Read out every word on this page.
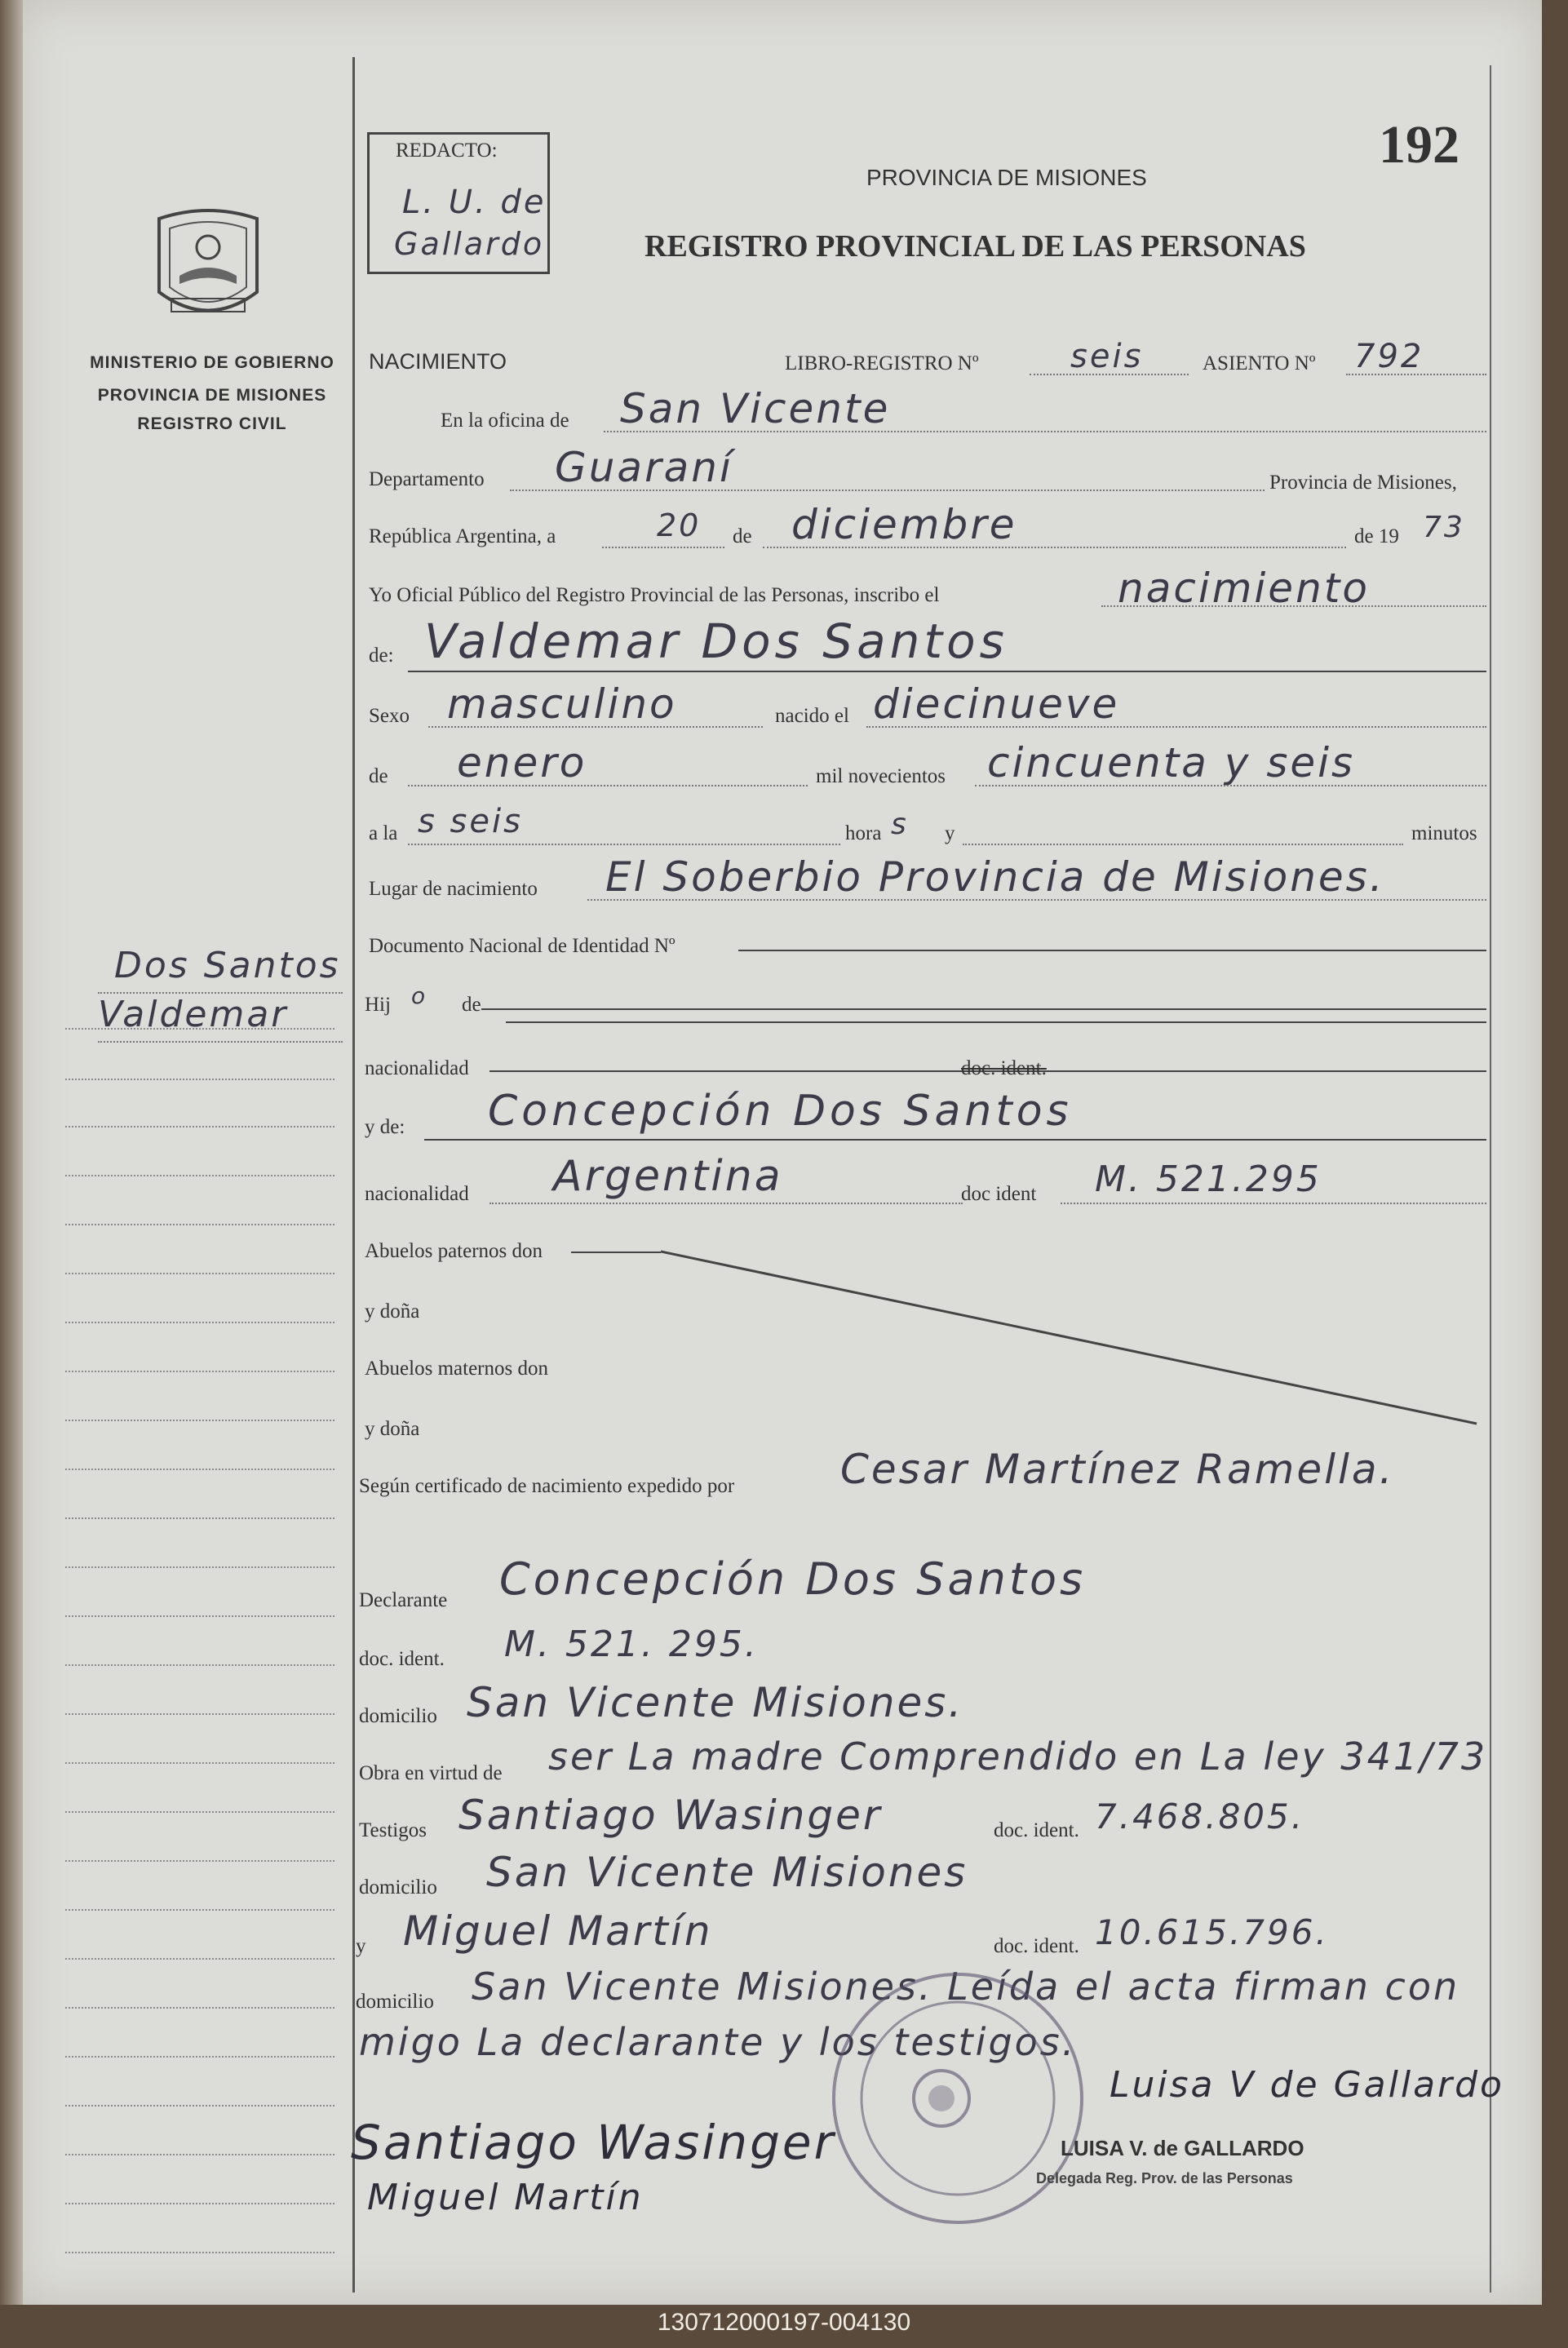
192
REDACTO:
L. U. de
Gallardo
PROVINCIA DE MISIONES
REGISTRO PROVINCIAL DE LAS PERSONAS
MINISTERIO DE GOBIERNO
PROVINCIA DE MISIONES
REGISTRO CIVIL
Dos Santos
Valdemar
NACIMIENTO	LIBRO-REGISTRO Nº	seis	ASIENTO Nº 792
En la oficina de San Vicente
Departamento Guaraní	Provincia de Misiones,
República Argentina, a	20 de diciembre	de 19 73
Yo Oficial Público del Registro Provincial de las Personas, inscribo el	nacimiento
de: Valdemar Dos Santos
Sexo masculino	nacido el diecinueve
de enero	mil novecientos cincuenta y seis
a la s seis	hora s y	minutos
Lugar de nacimiento El Soberbio Provincia de Misiones.
Documento Nacional de Identidad Nº
Hij o de
nacionalidad	doc. ident.
y de: Concepción Dos Santos
nacionalidad Argentina	doc ident M. 521.295
Abuelos paternos don
y doña
Abuelos maternos don
y doña
Según certificado de nacimiento expedido por	Cesar Martínez Ramella.
Declarante Concepción Dos Santos
doc. ident. M. 521. 295.
domicilio San Vicente Misiones.
Obra en virtud de ser La madre Comprendido en La ley 341/73
Testigos Santiago Wasinger	doc. ident. 7.468.805.
domicilio San Vicente Misiones
y Miguel Martín	doc. ident. 10.615.796.
domicilio San Vicente Misiones. Leída el acta firman con
migo La declarante y los testigos.
Luisa V de Gallardo
LUISA V. de GALLARDO
Delegada Reg. Prov. de las Personas
Santiago Wasinger
Miguel Martín
130712000197-004130
